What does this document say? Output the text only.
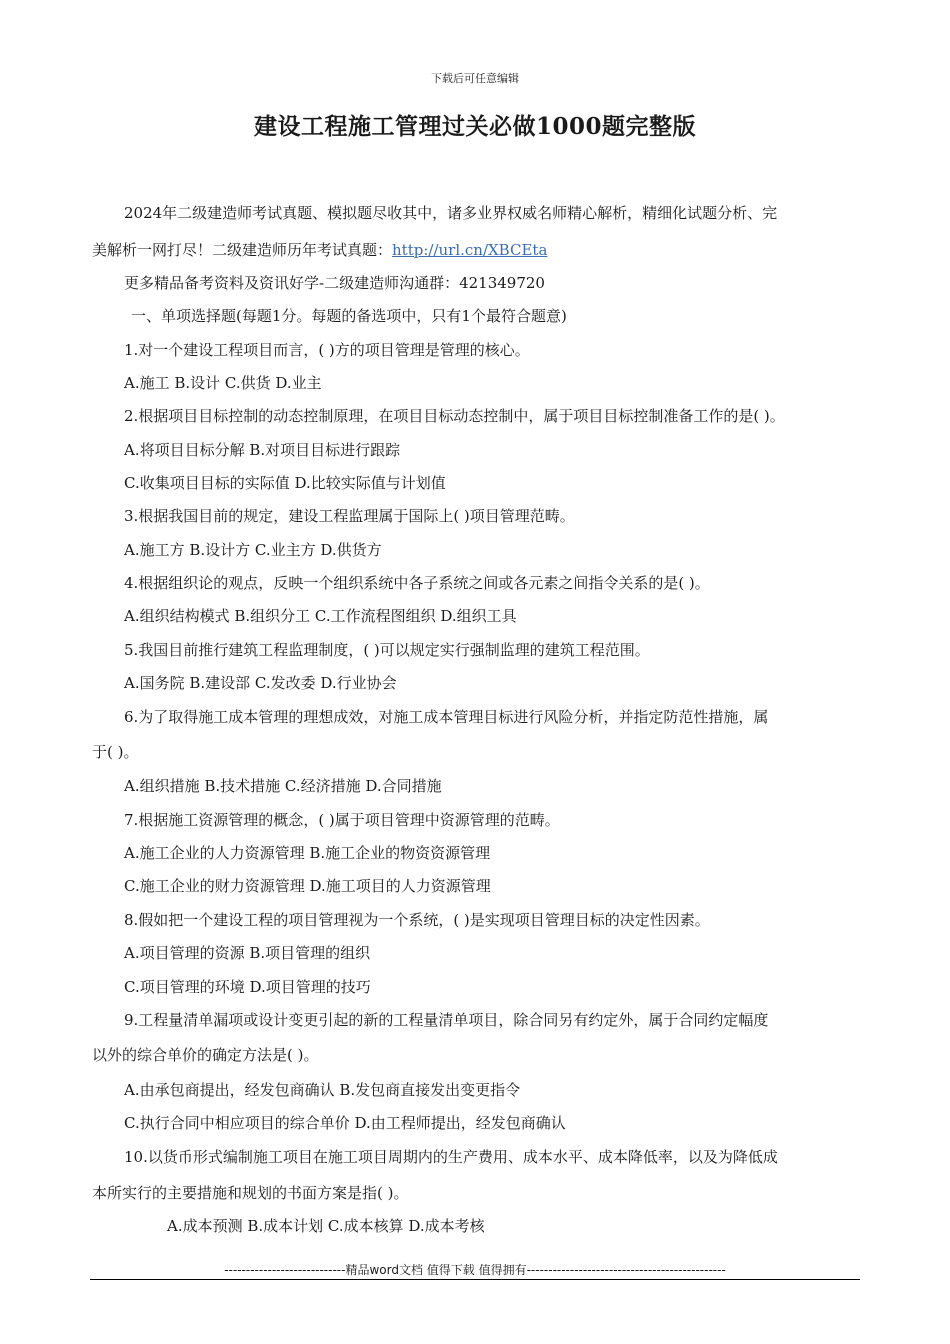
下载后可任意编辑
建设工程施工管理过关必做1000题完整版
2024年二级建造师考试真题、模拟题尽收其中，诸多业界权威名师精心解析，精细化试题分析、完
美解析一网打尽！二级建造师历年考试真题：http://url.cn/XBCEta
更多精品备考资料及资讯好学-二级建造师沟通群：421349720
一、单项选择题(每题1分。每题的备选项中，只有1个最符合题意)
1.对一个建设工程项目而言，( )方的项目管理是管理的核心。
A.施工 B.设计 C.供货 D.业主
2.根据项目目标控制的动态控制原理，在项目目标动态控制中，属于项目目标控制准备工作的是( )。
A.将项目目标分解 B.对项目目标进行跟踪
C.收集项目目标的实际值 D.比较实际值与计划值
3.根据我国目前的规定，建设工程监理属于国际上( )项目管理范畴。
A.施工方 B.设计方 C.业主方 D.供货方
4.根据组织论的观点，反映一个组织系统中各子系统之间或各元素之间指令关系的是( )。
A.组织结构模式 B.组织分工 C.工作流程图组织 D.组织工具
5.我国目前推行建筑工程监理制度，( )可以规定实行强制监理的建筑工程范围。
A.国务院 B.建设部 C.发改委 D.行业协会
6.为了取得施工成本管理的理想成效，对施工成本管理目标进行风险分析，并指定防范性措施，属
于( )。
A.组织措施 B.技术措施 C.经济措施 D.合同措施
7.根据施工资源管理的概念，( )属于项目管理中资源管理的范畴。
A.施工企业的人力资源管理 B.施工企业的物资资源管理
C.施工企业的财力资源管理 D.施工项目的人力资源管理
8.假如把一个建设工程的项目管理视为一个系统，( )是实现项目管理目标的决定性因素。
A.项目管理的资源 B.项目管理的组织
C.项目管理的环境 D.项目管理的技巧
9.工程量清单漏项或设计变更引起的新的工程量清单项目，除合同另有约定外，属于合同约定幅度
以外的综合单价的确定方法是( )。
A.由承包商提出，经发包商确认 B.发包商直接发出变更指令
C.执行合同中相应项目的综合单价 D.由工程师提出，经发包商确认
10.以货币形式编制施工项目在施工项目周期内的生产费用、成本水平、成本降低率，以及为降低成
本所实行的主要措施和规划的书面方案是指( )。
A.成本预测 B.成本计划 C.成本核算 D.成本考核
----------------------------精品word文档 值得下载 值得拥有----------------------------------------------
